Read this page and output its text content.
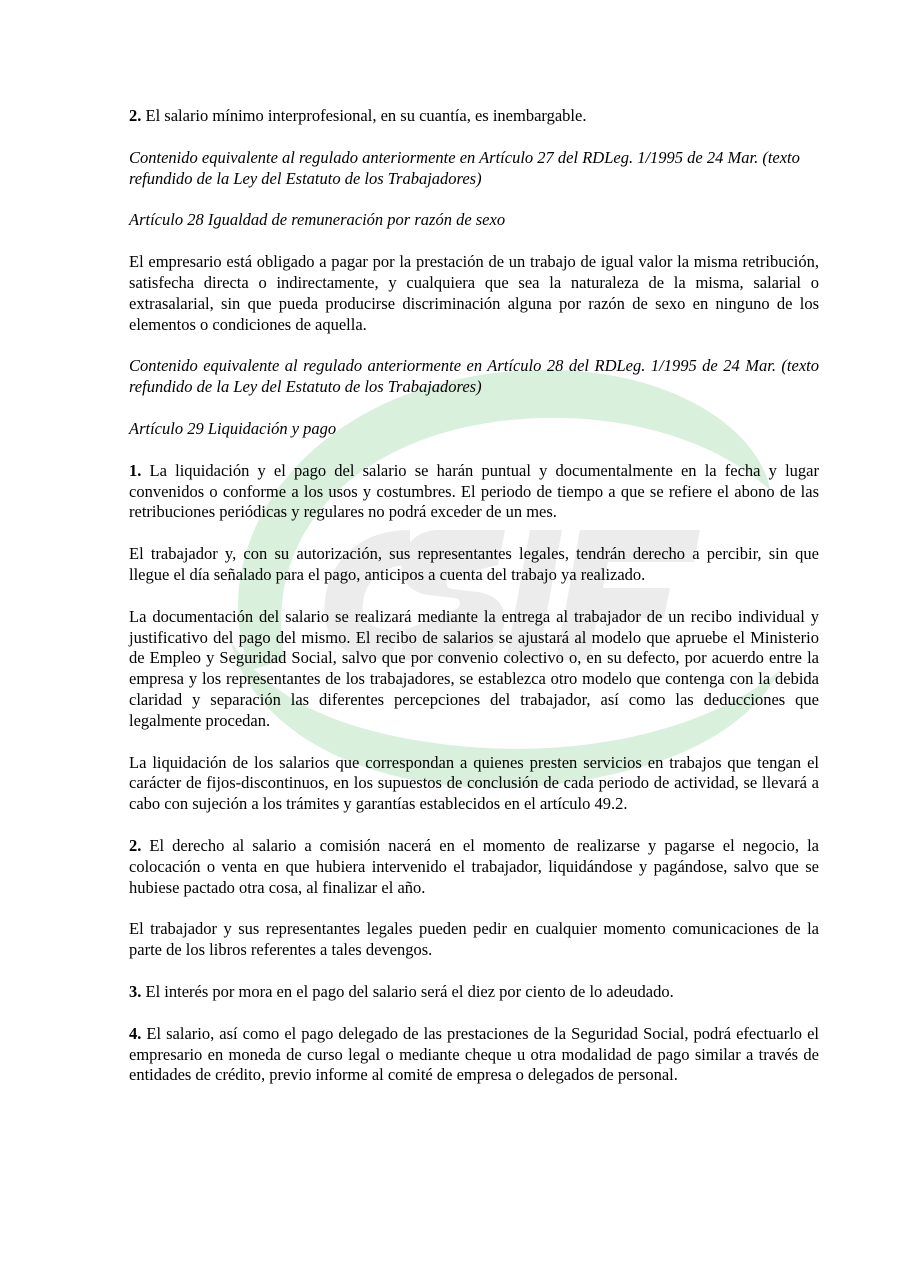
2. El salario mínimo interprofesional, en su cuantía, es inembargable.

Contenido equivalente al regulado anteriormente en Artículo 27 del RDLeg. 1/1995 de 24 Mar. (texto refundido de la Ley del Estatuto de los Trabajadores)

Artículo 28 Igualdad de remuneración por razón de sexo

El empresario está obligado a pagar por la prestación de un trabajo de igual valor la misma retribución, satisfecha directa o indirectamente, y cualquiera que sea la naturaleza de la misma, salarial o extrasalarial, sin que pueda producirse discriminación alguna por razón de sexo en ninguno de los elementos o condiciones de aquella.

Contenido equivalente al regulado anteriormente en Artículo 28 del RDLeg. 1/1995 de 24 Mar. (texto refundido de la Ley del Estatuto de los Trabajadores)

Artículo 29 Liquidación y pago

1. La liquidación y el pago del salario se harán puntual y documentalmente en la fecha y lugar convenidos o conforme a los usos y costumbres. El periodo de tiempo a que se refiere el abono de las retribuciones periódicas y regulares no podrá exceder de un mes.

El trabajador y, con su autorización, sus representantes legales, tendrán derecho a percibir, sin que llegue el día señalado para el pago, anticipos a cuenta del trabajo ya realizado.

La documentación del salario se realizará mediante la entrega al trabajador de un recibo individual y justificativo del pago del mismo. El recibo de salarios se ajustará al modelo que apruebe el Ministerio de Empleo y Seguridad Social, salvo que por convenio colectivo o, en su defecto, por acuerdo entre la empresa y los representantes de los trabajadores, se establezca otro modelo que contenga con la debida claridad y separación las diferentes percepciones del trabajador, así como las deducciones que legalmente procedan.

La liquidación de los salarios que correspondan a quienes presten servicios en trabajos que tengan el carácter de fijos-discontinuos, en los supuestos de conclusión de cada periodo de actividad, se llevará a cabo con sujeción a los trámites y garantías establecidos en el artículo 49.2.

2. El derecho al salario a comisión nacerá en el momento de realizarse y pagarse el negocio, la colocación o venta en que hubiera intervenido el trabajador, liquidándose y pagándose, salvo que se hubiese pactado otra cosa, al finalizar el año.

El trabajador y sus representantes legales pueden pedir en cualquier momento comunicaciones de la parte de los libros referentes a tales devengos.

3. El interés por mora en el pago del salario será el diez por ciento de lo adeudado.

4. El salario, así como el pago delegado de las prestaciones de la Seguridad Social, podrá efectuarlo el empresario en moneda de curso legal o mediante cheque u otra modalidad de pago similar a través de entidades de crédito, previo informe al comité de empresa o delegados de personal.
